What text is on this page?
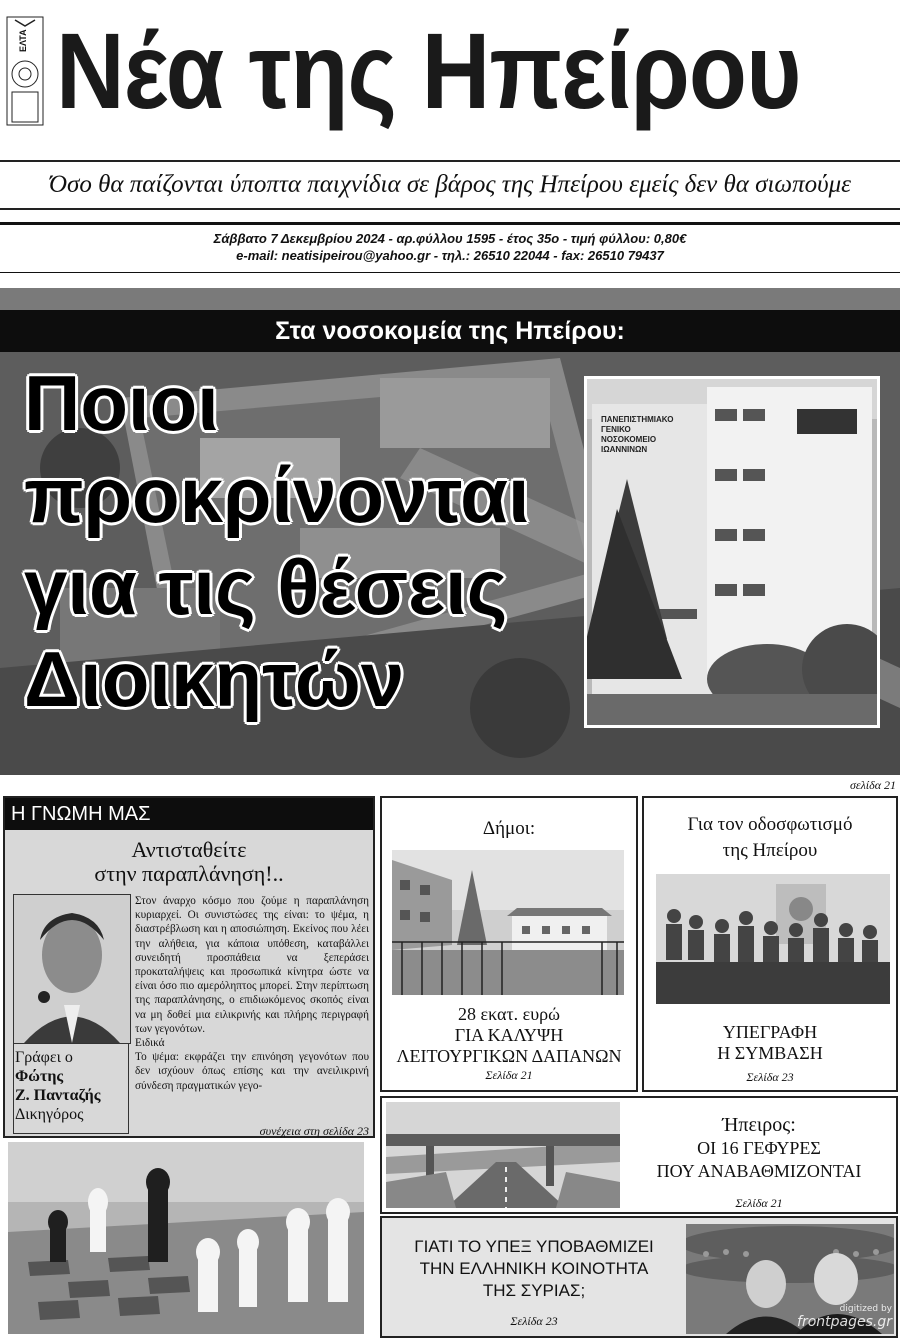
ΕΛΤΑ Νέα της Ηπείρου
Όσο θα παίζονται ύποπτα παιχνίδια σε βάρος της Ηπείρου εμείς δεν θα σιωπούμε
Σάββατο 7 Δεκεμβρίου 2024 - αρ.φύλλου 1595 - έτος 35ο - τιμή φύλλου: 0,80€
e-mail: neatisipeirou@yahoo.gr - τηλ.: 26510 22044 - fax: 26510 79437
Στα νοσοκομεία της Ηπείρου:
Ποιοι
προκρίνονται
για τις θέσεις
Διοικητών
ΠΑΝΕΠΙΣΤΗΜΙΑΚΟ
ΓΕΝΙΚΟ
ΝΟΣΟΚΟΜΕΙΟ
ΙΩΑΝΝΙΝΩΝ
σελίδα 21
Η ΓΝΩΜΗ ΜΑΣ
Αντισταθείτε
στην παραπλάνηση!..
Γράφει ο
Φώτης
Ζ. Πανταζής
Δικηγόρος
Στον άναρχο κόσμο που ζούμε η παραπλάνηση κυριαρχεί. Οι συνιστώσες της είναι: το ψέμα, η διαστρέβλωση και η αποσιώπηση. Εκείνος που λέει την αλήθεια, για κάποια υπόθεση, καταβάλλει συνειδητή προσπάθεια να ξεπεράσει προκαταλήψεις και προσωπικά κίνητρα ώστε να είναι όσο πιο αμερόληπτος μπορεί. Στην περίπτωση της παραπλάνησης, ο επιδιωκόμενος σκοπός είναι να μη δοθεί μια ειλικρινής και πλήρης περιγραφή των γεγονότων.
Ειδικά
Το ψέμα: εκφράζει την επινόηση γεγονότων που δεν ισχύουν όπως επίσης και την ανειλικρινή σύνδεση πραγματικών γεγο-
συνέχεια στη σελίδα 23
Δήμοι:
28 εκατ. ευρώ
ΓΙΑ ΚΑΛΥΨΗ
ΛΕΙΤΟΥΡΓΙΚΩΝ ΔΑΠΑΝΩΝ
Σελίδα 21
Για τον οδοσφωτισμό
της Ηπείρου
ΥΠΕΓΡΑΦΗ
Η ΣΥΜΒΑΣΗ
Σελίδα 23
Ήπειρος:
ΟΙ 16 ΓΕΦΥΡΕΣ
ΠΟΥ ΑΝΑΒΑΘΜΙΖΟΝΤΑΙ
Σελίδα 21
ΓΙΑΤΙ ΤΟ ΥΠΕΞ ΥΠΟΒΑΘΜΙΖΕΙ
ΤΗΝ ΕΛΛΗΝΙΚΗ ΚΟΙΝΟΤΗΤΑ
ΤΗΣ ΣΥΡΙΑΣ;
Σελίδα 23
digitized by
frontpages.gr
